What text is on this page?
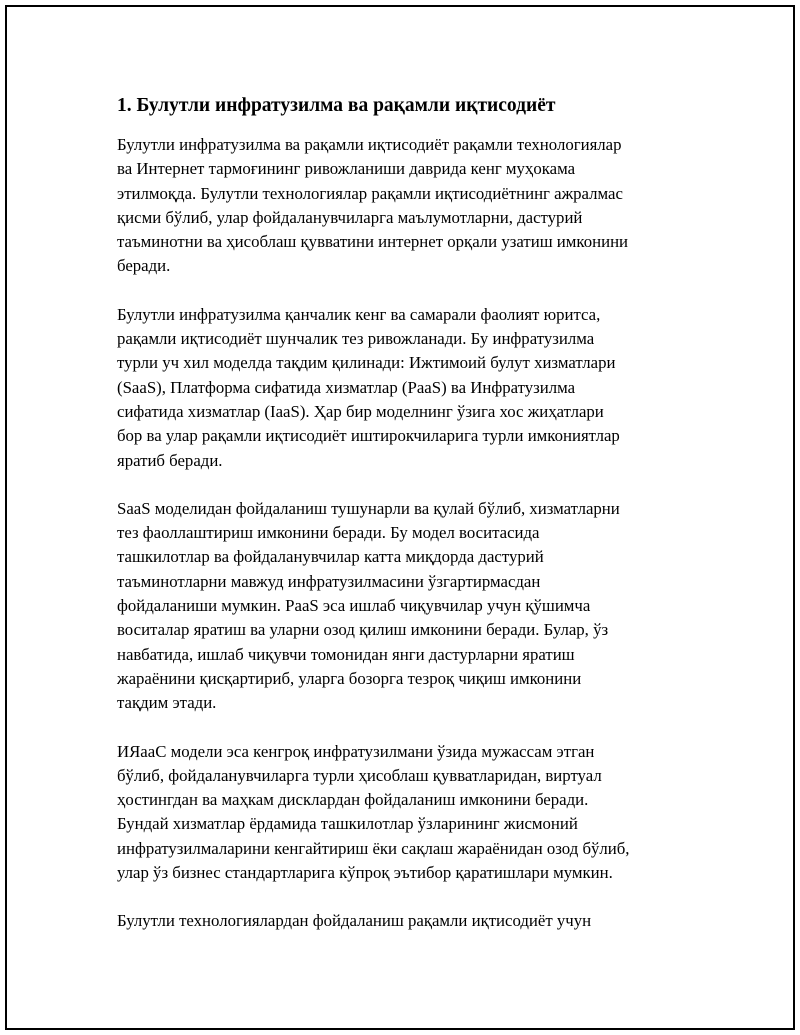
1. Булутли инфратузилма ва рақамли иқтисодиёт

Булутли инфратузилма ва рақамли иқтисодиёт рақамли технологиялар
ва Интернет тармоғининг ривожланиши даврида кенг муҳокама
этилмоқда. Булутли технологиялар рақамли иқтисодиётнинг ажралмас
қисми бўлиб, улар фойдаланувчиларга маълумотларни, дастурий
таъминотни ва ҳисоблаш қувватини интернет орқали узатиш имконини
беради.

Булутли инфратузилма қанчалик кенг ва самарали фаолият юритса,
рақамли иқтисодиёт шунчалик тез ривожланади. Бу инфратузилма
турли уч хил моделда тақдим қилинади: Ижтимоий булут хизматлари
(SaaS), Платформа сифатида хизматлар (PaaS) ва Инфратузилма
сифатида хизматлар (IaaS). Ҳар бир моделнинг ўзига хос жиҳатлари
бор ва улар рақамли иқтисодиёт иштирокчиларига турли имкониятлар
яратиб беради.

SaaS моделидан фойдаланиш тушунарли ва қулай бўлиб, хизматларни
тез фаоллаштириш имконини беради. Бу модел воситасида
ташкилотлар ва фойдаланувчилар катта миқдорда дастурий
таъминотларни мавжуд инфратузилмасини ўзгартирмасдан
фойдаланиши мумкин. PaaS эса ишлаб чиқувчилар учун қўшимча
воситалар яратиш ва уларни озод қилиш имконини беради. Булар, ўз
навбатида, ишлаб чиқувчи томонидан янги дастурларни яратиш
жараёнини қисқартириб, уларга бозорга тезроқ чиқиш имконини
тақдим этади.

ИЯааС модели эса кенгроқ инфратузилмани ўзида мужассам этган
бўлиб, фойдаланувчиларга турли ҳисоблаш қувватларидан, виртуал
ҳостингдан ва маҳкам дисклардан фойдаланиш имконини беради.
Бундай хизматлар ёрдамида ташкилотлар ўзларининг жисмоний
инфратузилмаларини кенгайтириш ёки сақлаш жараёнидан озод бўлиб,
улар ўз бизнес стандартларига кўпроқ эътибор қаратишлари мумкин.

Булутли технологиялардан фойдаланиш рақамли иқтисодиёт учун
